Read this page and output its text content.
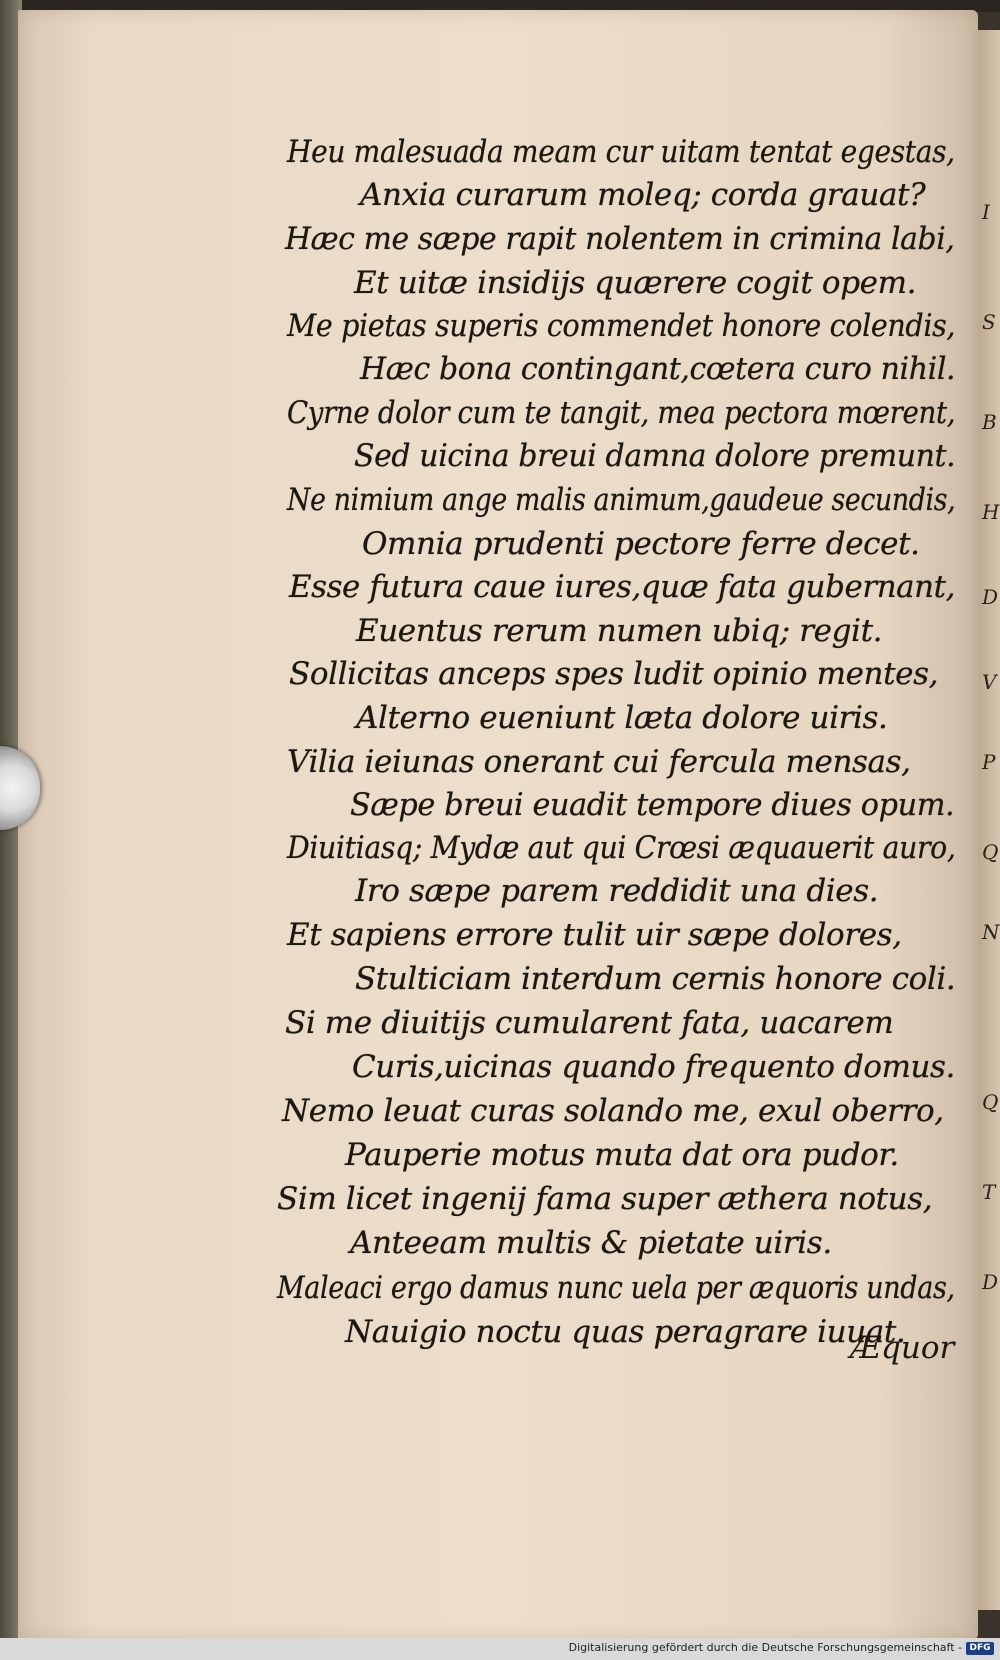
I
S
B
H
D
V
P
Q
N
Q
T
D
Heu malesuada meam cur uitam tentat egestas,
Anxia curarum moleq; corda grauat?
Hæc me sæpe rapit nolentem in crimina labi,
Et uitæ insidijs quærere cogit opem.
Me pietas superis commendet honore colendis,
Hæc bona contingant,cœtera curo nihil.
Cyrne dolor cum te tangit, mea pectora mœrent,
Sed uicina breui damna dolore premunt.
Ne nimium ange malis animum,gaudeue secundis,
Omnia prudenti pectore ferre decet.
Esse futura caue iures,quæ fata gubernant,
Euentus rerum numen ubiq; regit.
Sollicitas anceps spes ludit opinio mentes,
Alterno eueniunt læta dolore uiris.
Vilia ieiunas onerant cui fercula mensas,
Sæpe breui euadit tempore diues opum.
Diuitiasq; Mydæ aut qui Crœsi æquauerit auro,
Iro sæpe parem reddidit una dies.
Et sapiens errore tulit uir sæpe dolores,
Stulticiam interdum cernis honore coli.
Si me diuitijs cumularent fata, uacarem
Curis,uicinas quando frequento domus.
Nemo leuat curas solando me, exul oberro,
Pauperie motus muta dat ora pudor.
Sim licet ingenij fama super æthera notus,
Anteeam multis & pietate uiris.
Maleaci ergo damus nunc uela per æquoris undas,
Nauigio noctu quas peragrare iuuat.
Æquor
Digitalisierung gefördert durch die Deutsche Forschungsgemeinschaft - DFG
